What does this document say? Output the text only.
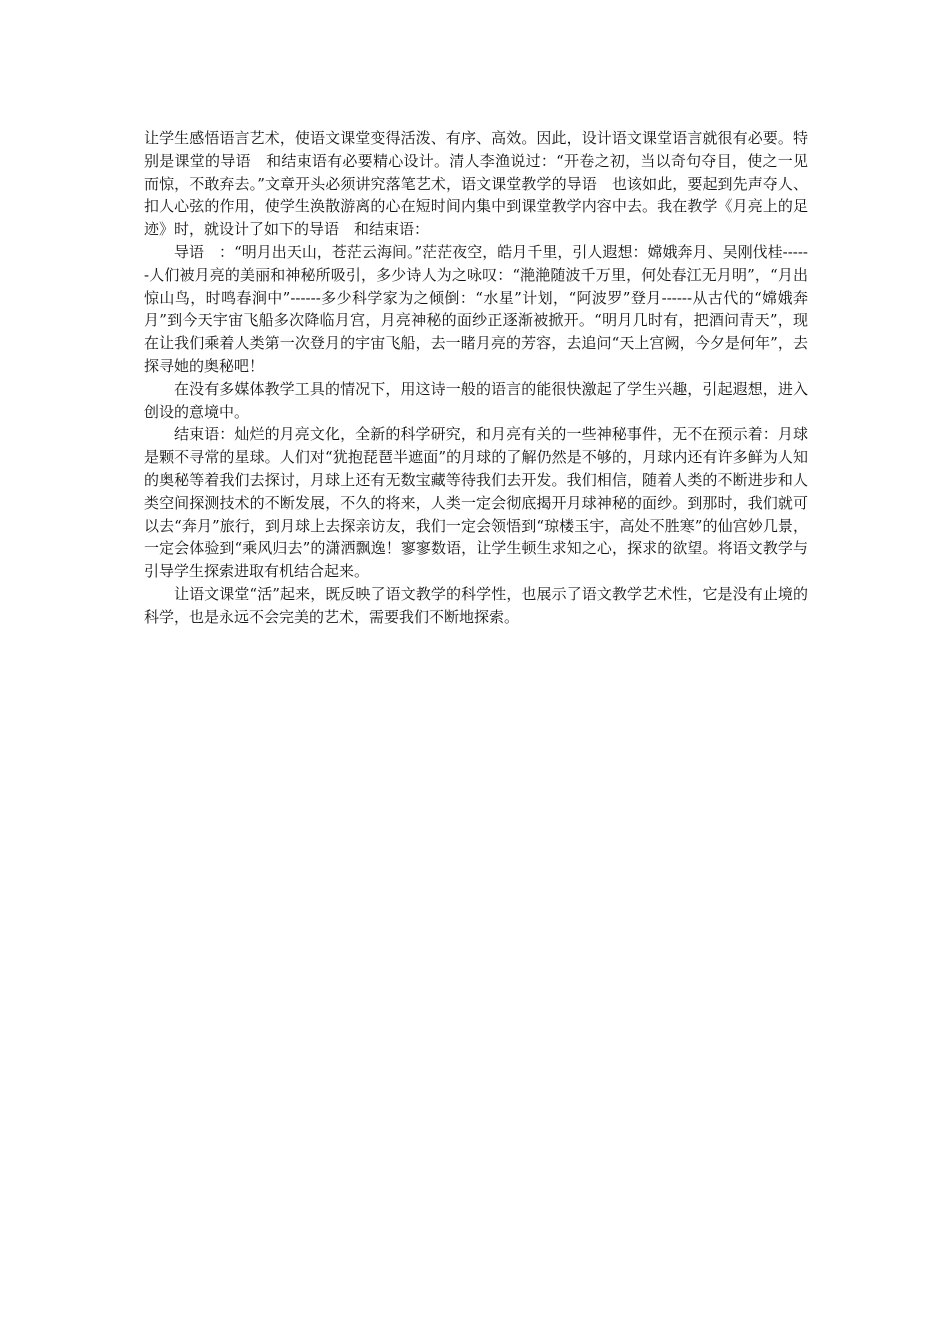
让学生感悟语言艺术，使语文课堂变得活泼、有序、高效。因此，设计语文课堂语言就很有必要。特别是课堂的导语　和结束语有必要精心设计。清人李渔说过：“开卷之初，当以奇句夺目，使之一见而惊，不敢弃去。”文章开头必须讲究落笔艺术，语文课堂教学的导语　也该如此，要起到先声夺人、扣人心弦的作用，使学生涣散游离的心在短时间内集中到课堂教学内容中去。我在教学《月亮上的足迹》时，就设计了如下的导语　和结束语：

导语　：“明月出天山，苍茫云海间。”茫茫夜空，皓月千里，引人遐想：嫦娥奔月、吴刚伐桂------人们被月亮的美丽和神秘所吸引，多少诗人为之咏叹：“滟滟随波千万里，何处春江无月明”，“月出惊山鸟，时鸣春涧中”------多少科学家为之倾倒：“水星”计划，“阿波罗”登月------从古代的“嫦娥奔月”到今天宇宙飞船多次降临月宫，月亮神秘的面纱正逐渐被掀开。“明月几时有，把酒问青天”，现在让我们乘着人类第一次登月的宇宙飞船，去一睹月亮的芳容，去追问“天上宫阙，今夕是何年”，去探寻她的奥秘吧！

在没有多媒体教学工具的情况下，用这诗一般的语言的能很快激起了学生兴趣，引起遐想，进入创设的意境中。

结束语：灿烂的月亮文化，全新的科学研究，和月亮有关的一些神秘事件，无不在预示着：月球是颗不寻常的星球。人们对“犹抱琵琶半遮面”的月球的了解仍然是不够的，月球内还有许多鲜为人知的奥秘等着我们去探讨，月球上还有无数宝藏等待我们去开发。我们相信，随着人类的不断进步和人类空间探测技术的不断发展，不久的将来，人类一定会彻底揭开月球神秘的面纱。到那时，我们就可以去“奔月”旅行，到月球上去探亲访友，我们一定会领悟到“琼楼玉宇，高处不胜寒”的仙宫妙几景，一定会体验到“乘风归去”的潇洒飘逸！寥寥数语，让学生顿生求知之心，探求的欲望。将语文教学与引导学生探索进取有机结合起来。

让语文课堂“活”起来，既反映了语文教学的科学性，也展示了语文教学艺术性，它是没有止境的科学，也是永远不会完美的艺术，需要我们不断地探索。
